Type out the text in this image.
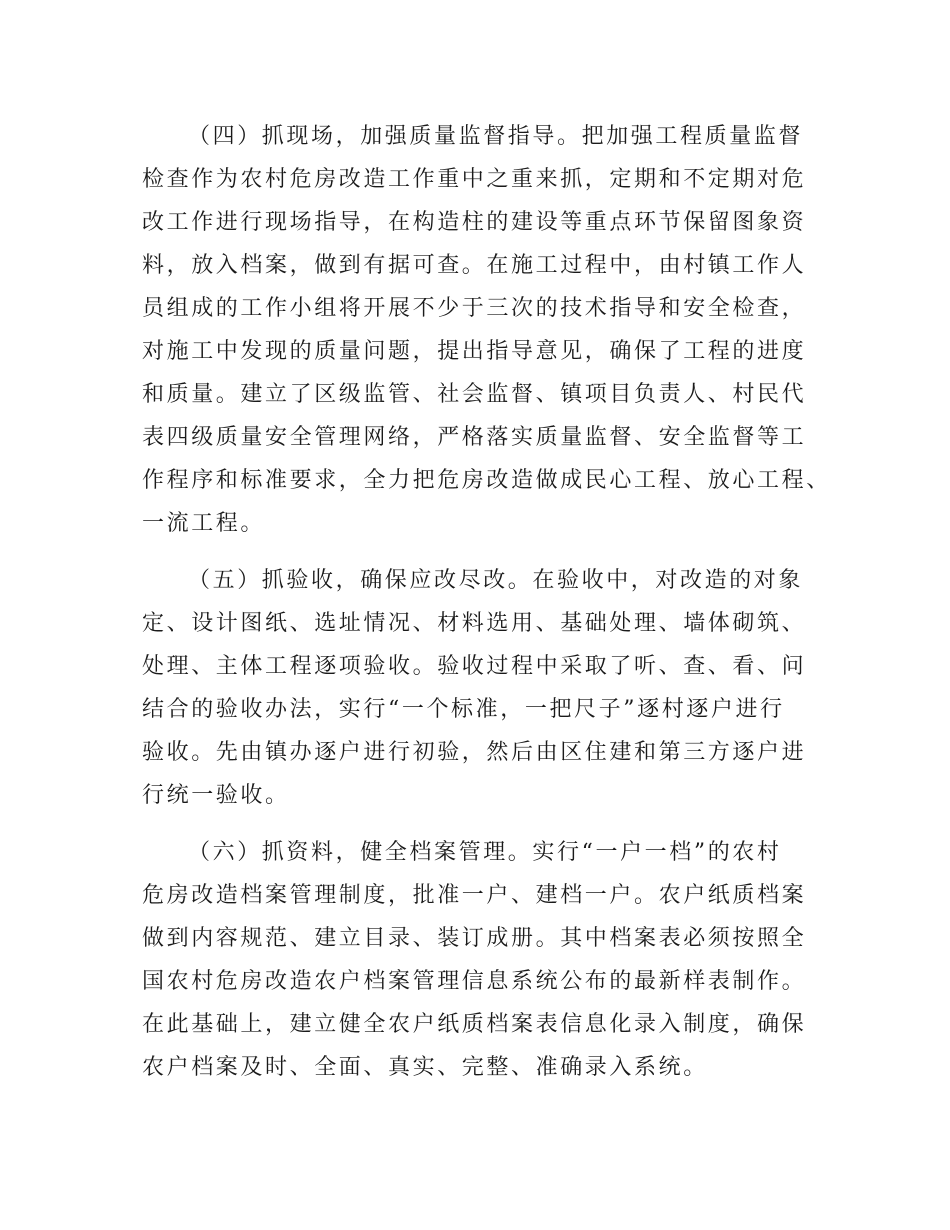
（四）抓现场，加强质量监督指导。把加强工程质量监督
检查作为农村危房改造工作重中之重来抓，定期和不定期对危
改工作进行现场指导，在构造柱的建设等重点环节保留图象资
料，放入档案，做到有据可查。在施工过程中，由村镇工作人
员组成的工作小组将开展不少于三次的技术指导和安全检查，
对施工中发现的质量问题，提出指导意见，确保了工程的进度
和质量。建立了区级监管、社会监督、镇项目负责人、村民代
表四级质量安全管理网络，严格落实质量监督、安全监督等工
作程序和标准要求，全力把危房改造做成民心工程、放心工程、
一流工程。
（五）抓验收，确保应改尽改。在验收中，对改造的对象
定、设计图纸、选址情况、材料选用、基础处理、墙体砌筑、
处理、主体工程逐项验收。验收过程中采取了听、查、看、问
结合的验收办法，实行“一个标准，一把尺子”逐村逐户进行
验收。先由镇办逐户进行初验，然后由区住建和第三方逐户进
行统一验收。
（六）抓资料，健全档案管理。实行“一户一档”的农村
危房改造档案管理制度，批准一户、建档一户。农户纸质档案
做到内容规范、建立目录、装订成册。其中档案表必须按照全
国农村危房改造农户档案管理信息系统公布的最新样表制作。
在此基础上，建立健全农户纸质档案表信息化录入制度，确保
农户档案及时、全面、真实、完整、准确录入系统。
